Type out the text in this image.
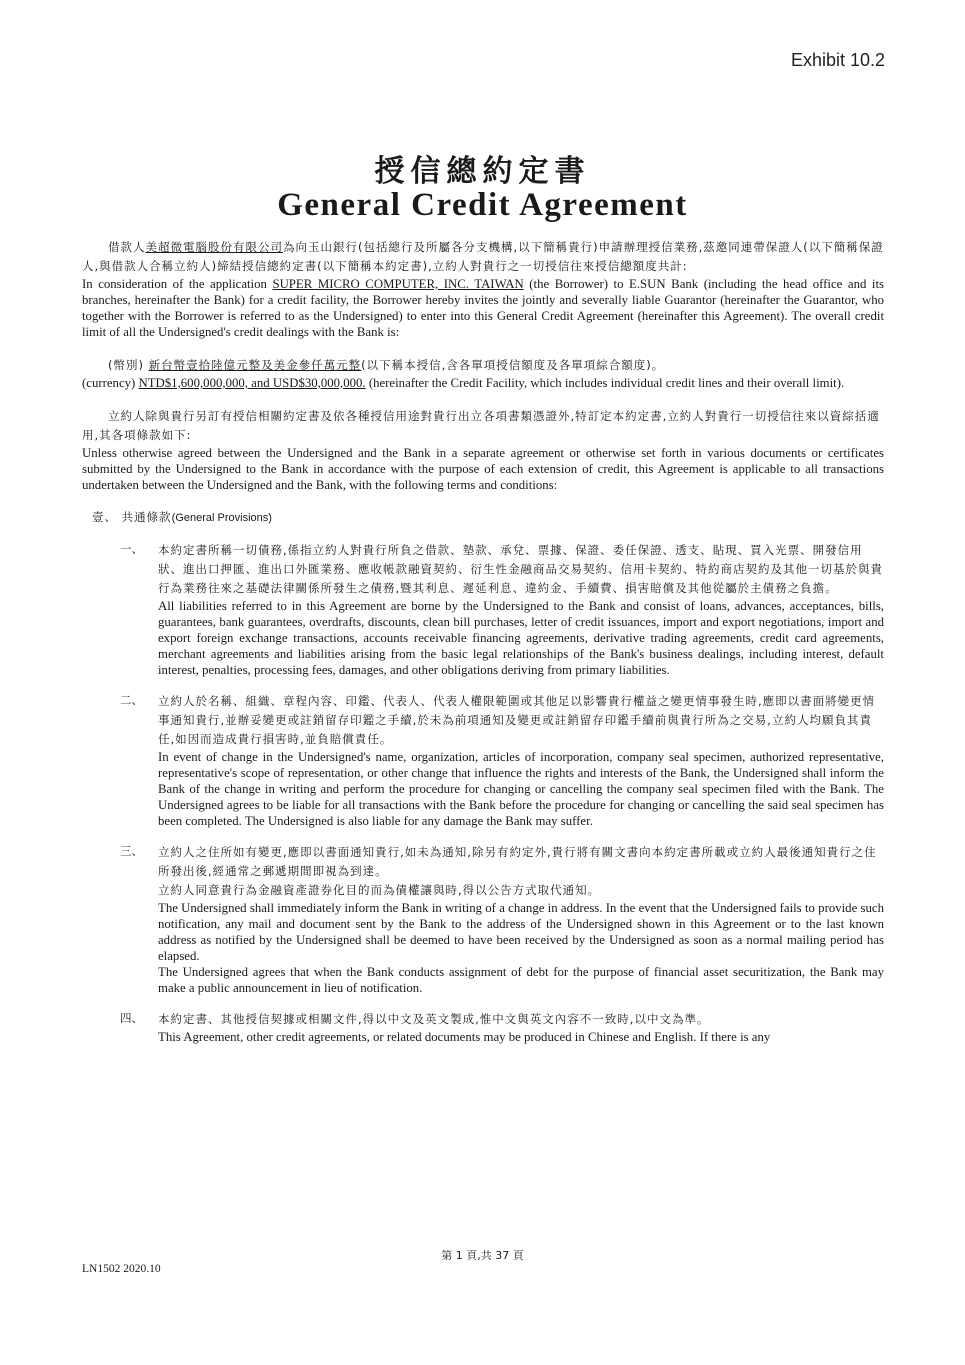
Exhibit 10.2
授信總約定書
General Credit Agreement
借款人美超微電腦股份有限公司為向玉山銀行(包括總行及所屬各分支機構,以下簡稱貴行)申請辦理授信業務,茲邀同連帶保證人(以下簡稱保證人,與借款人合稱立約人)締結授信總約定書(以下簡稱本約定書),立約人對貴行之一切授信往來授信總額度共計:
In consideration of the application SUPER MICRO COMPUTER, INC. TAIWAN (the Borrower) to E.SUN Bank (including the head office and its branches, hereinafter the Bank) for a credit facility, the Borrower hereby invites the jointly and severally liable Guarantor (hereinafter the Guarantor, who together with the Borrower is referred to as the Undersigned) to enter into this General Credit Agreement (hereinafter this Agreement). The overall credit limit of all the Undersigned's credit dealings with the Bank is:
(幣別) 新台幣壹拾陸億元整及美金參仟萬元整(以下稱本授信,含各單項授信額度及各單項綜合額度)。
(currency) NTD$1,600,000,000, and USD$30,000,000. (hereinafter the Credit Facility, which includes individual credit lines and their overall limit).
立約人除與貴行另訂有授信相關約定書及依各種授信用途對貴行出立各項書類憑證外,特訂定本約定書,立約人對貴行一切授信往來以資綜括適用,其各項條款如下:
Unless otherwise agreed between the Undersigned and the Bank in a separate agreement or otherwise set forth in various documents or certificates submitted by the Undersigned to the Bank in accordance with the purpose of each extension of credit, this Agreement is applicable to all transactions undertaken between the Undersigned and the Bank, with the following terms and conditions:
壹、 共通條款(General Provisions)
一、 本約定書所稱一切債務,係指立約人對貴行所負之借款、墊款、承兌、票據、保證、委任保證、透支、貼現、買入光票、開發信用狀、進出口押匯、進出口外匯業務、應收帳款融資契約、衍生性金融商品交易契約、信用卡契約、特約商店契約及其他一切基於與貴行為業務往來之基礎法律關係所發生之債務,暨其利息、遲延利息、違約金、手續費、損害賠償及其他從屬於主債務之負擔。
All liabilities referred to in this Agreement are borne by the Undersigned to the Bank and consist of loans, advances, acceptances, bills, guarantees, bank guarantees, overdrafts, discounts, clean bill purchases, letter of credit issuances, import and export negotiations, import and export foreign exchange transactions, accounts receivable financing agreements, derivative trading agreements, credit card agreements, merchant agreements and liabilities arising from the basic legal relationships of the Bank's business dealings, including interest, default interest, penalties, processing fees, damages, and other obligations deriving from primary liabilities.
二、 立約人於名稱、組織、章程內容、印鑑、代表人、代表人權限範圍或其他足以影響貴行權益之變更情事發生時,應即以書面將變更情事通知貴行,並辦妥變更或註銷留存印鑑之手續,於未為前項通知及變更或註銷留存印鑑手續前與貴行所為之交易,立約人均願負其責任,如因而造成貴行損害時,並負賠償責任。
In event of change in the Undersigned's name, organization, articles of incorporation, company seal specimen, authorized representative, representative's scope of representation, or other change that influence the rights and interests of the Bank, the Undersigned shall inform the Bank of the change in writing and perform the procedure for changing or cancelling the company seal specimen filed with the Bank. The Undersigned agrees to be liable for all transactions with the Bank before the procedure for changing or cancelling the said seal specimen has been completed. The Undersigned is also liable for any damage the Bank may suffer.
三、 立約人之住所如有變更,應即以書面通知貴行,如未為通知,除另有約定外,貴行將有關文書向本約定書所載或立約人最後通知貴行之住所發出後,經通常之郵遞期間即視為到達。
立約人同意貴行為金融資產證券化目的而為債權讓與時,得以公告方式取代通知。
The Undersigned shall immediately inform the Bank in writing of a change in address. In the event that the Undersigned fails to provide such notification, any mail and document sent by the Bank to the address of the Undersigned shown in this Agreement or to the last known address as notified by the Undersigned shall be deemed to have been received by the Undersigned as soon as a normal mailing period has elapsed.
The Undersigned agrees that when the Bank conducts assignment of debt for the purpose of financial asset securitization, the Bank may make a public announcement in lieu of notification.
四、 本約定書、其他授信契據或相關文件,得以中文及英文製成,惟中文與英文內容不一致時,以中文為準。
This Agreement, other credit agreements, or related documents may be produced in Chinese and English. If there is any
第 1 頁,共 37 頁
LN1502 2020.10
